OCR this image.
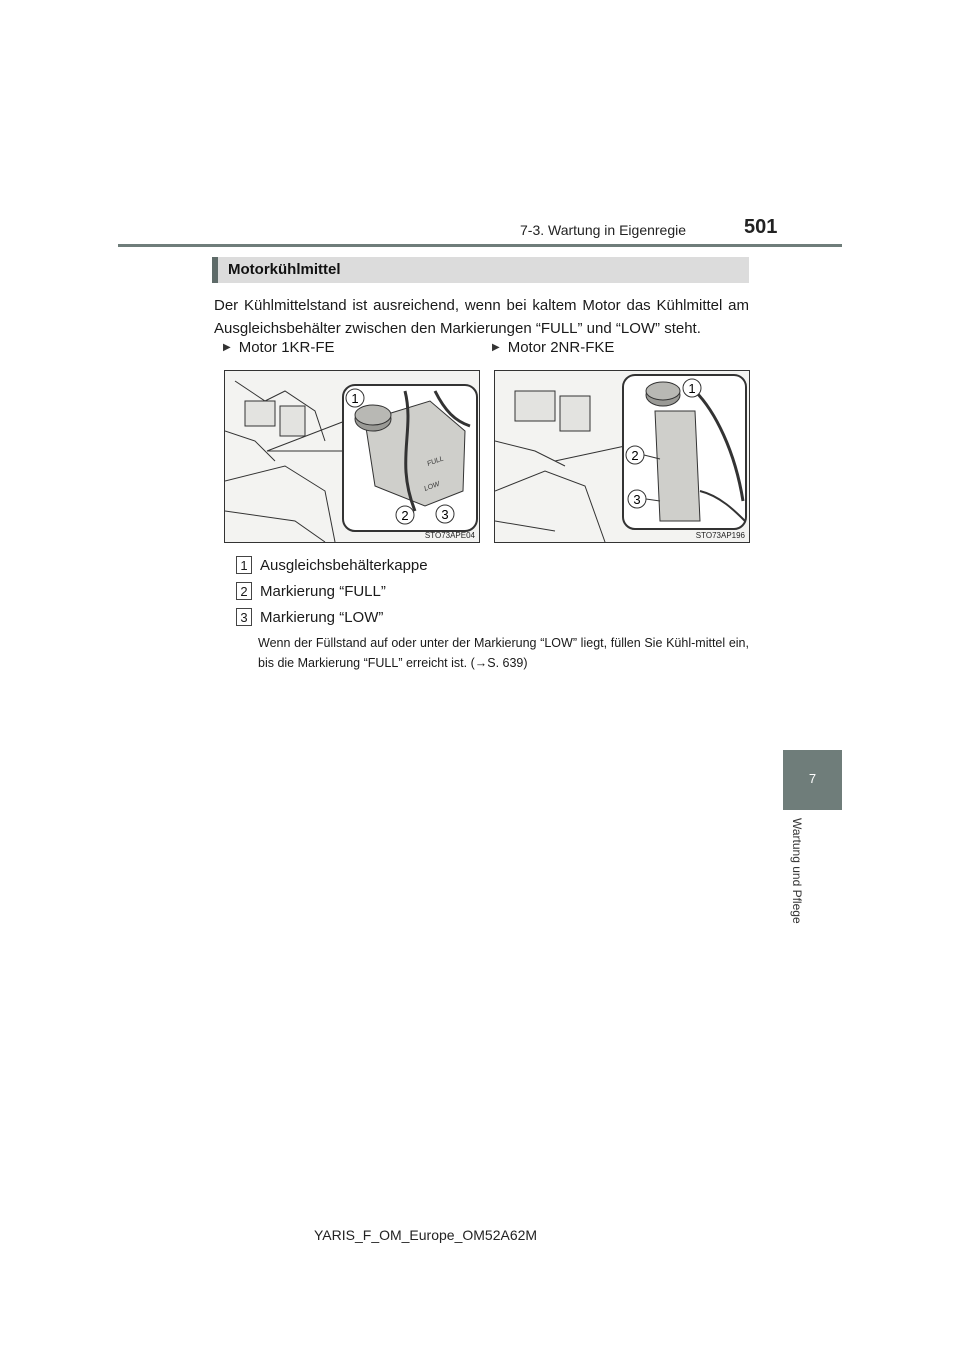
7-3. Wartung in Eigenregie	501
7
Wartung und Pflege
Motorkühlmittel
Der Kühlmittelstand ist ausreichend, wenn bei kaltem Motor das Kühlmittel am Ausgleichsbehälter zwischen den Markierungen “FULL” und “LOW” steht.
▶ Motor 1KR-FE	▶ Motor 2NR-FKE
FULL
LOW
1
2	3
STO73APE04
1
2
3
STO73AP196
1 Ausgleichsbehälterkappe
2 Markierung “FULL”
3 Markierung “LOW”
Wenn der Füllstand auf oder unter der Markierung “LOW” liegt, füllen Sie Kühl-mittel ein, bis die Markierung “FULL” erreicht ist. (→S. 639)
YARIS_F_OM_Europe_OM52A62M
